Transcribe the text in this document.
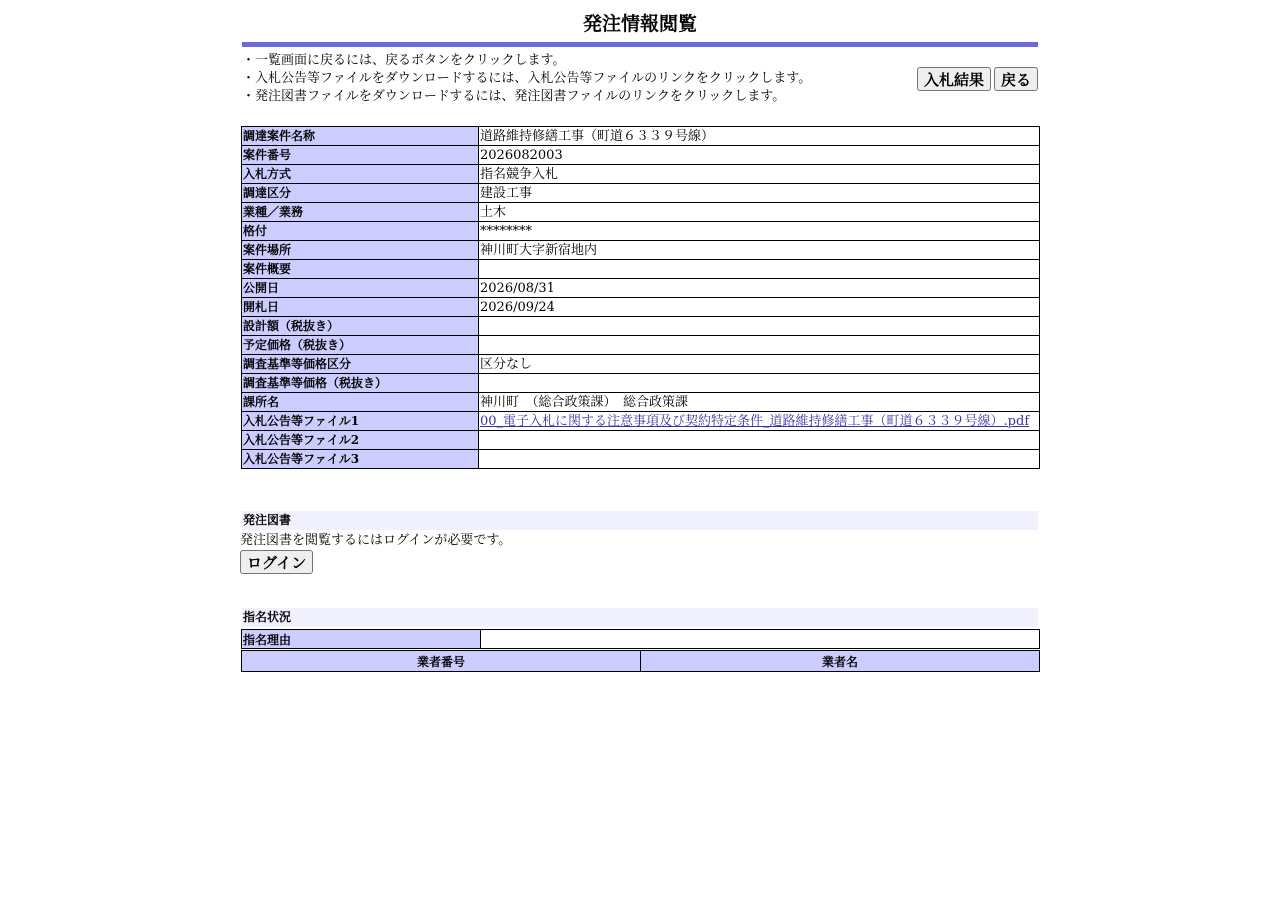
発注情報閲覧
・一覧画面に戻るには、戻るボタンをクリックします。
・入札公告等ファイルをダウンロードするには、入札公告等ファイルのリンクをクリックします。
・発注図書ファイルをダウンロードするには、発注図書ファイルのリンクをクリックします。
入札結果	戻る
調達案件名称	道路維持修繕工事（町道６３３９号線）
案件番号	2026082003
入札方式	指名競争入札
調達区分	建設工事
業種／業務	土木
格付	********
案件場所	神川町大字新宿地内
案件概要	
公開日	2026/08/31
開札日	2026/09/24
設計額（税抜き）	
予定価格（税抜き）	
調査基準等価格区分	区分なし
調査基準等価格（税抜き）	
課所名	神川町　（総合政策課）　総合政策課
入札公告等ファイル1	00_電子入札に関する注意事項及び契約特定条件_道路維持修繕工事（町道６３３９号線）.pdf
入札公告等ファイル2	
入札公告等ファイル3	
発注図書
発注図書を閲覧するにはログインが必要です。
ログイン
指名状況
指名理由	
業者番号	業者名
